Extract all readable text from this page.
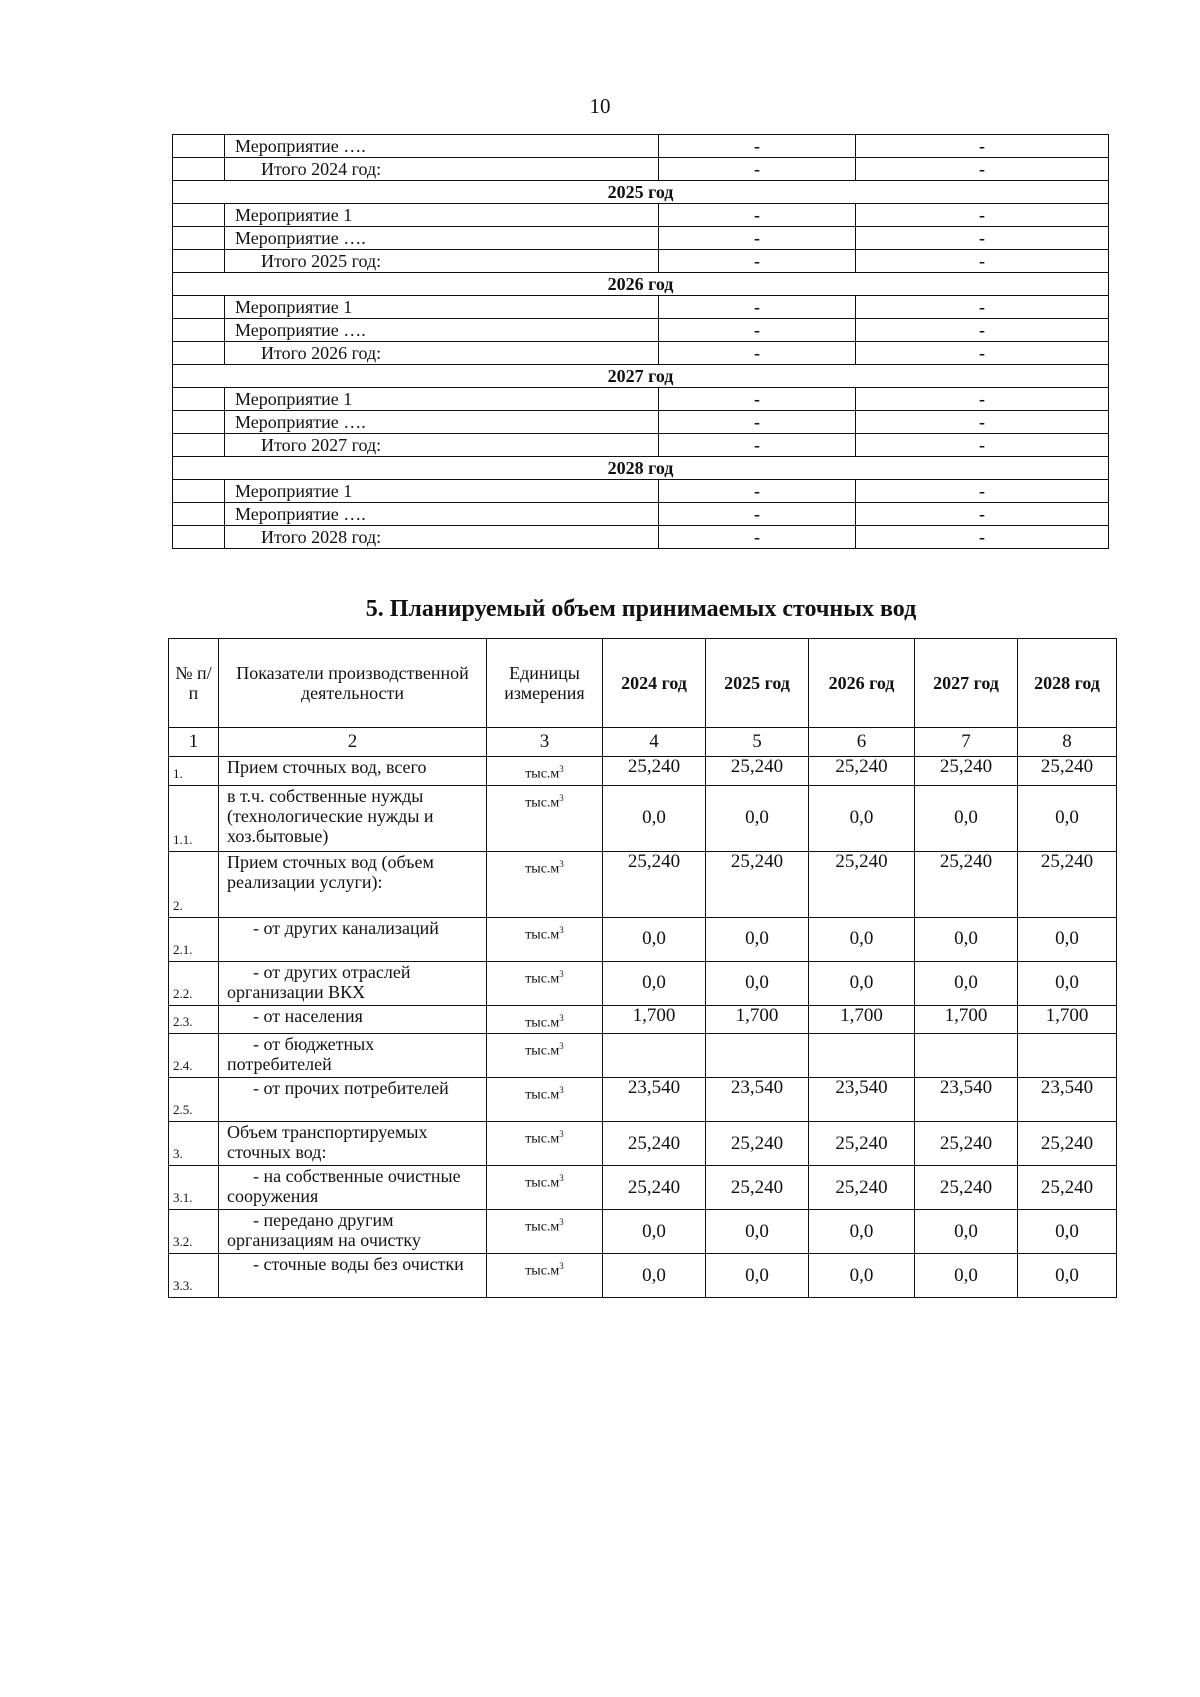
10
	Мероприятие ….	-	-
	Итого 2024 год:	-	-
2025 год			
	Мероприятие 1	-	-
	Мероприятие ….	-	-
	Итого 2025 год:	-	-
2026 год			
	Мероприятие 1	-	-
	Мероприятие ….	-	-
	Итого 2026 год:	-	-
2027 год			
	Мероприятие 1	-	-
	Мероприятие ….	-	-
	Итого 2027 год:	-	-
2028 год			
	Мероприятие 1	-	-
	Мероприятие ….	-	-
	Итого 2028 год:	-	-
5. Планируемый объем принимаемых сточных вод
№ п/п	Показатели производственной деятельности	Единицы измерения	2024 год	2025 год	2026 год	2027 год	2028 год
1	2	3	4	5	6	7	8
1.	Прием сточных вод, всего	$тыс.м^3$	25,240	25,240	25,240	25,240	25,240
1.1.	в т.ч. собственные нужды (технологические нужды и хоз.бытовые)	$тыс.м^3$	0,0	0,0	0,0	0,0	0,0
2.	Прием сточных вод (объем реализации услуги):	$тыс.м^3$	25,240	25,240	25,240	25,240	25,240
2.1.	- от других канализаций	$тыс.м^3$	0,0	0,0	0,0	0,0	0,0
2.2.	- от других отраслей организации ВКХ	$тыс.м^3$	0,0	0,0	0,0	0,0	0,0
2.3.	- от населения	$тыс.м^3$	1,700	1,700	1,700	1,700	1,700
2.4.	- от бюджетных потребителей	$тыс.м^3$					
2.5.	- от прочих потребителей	$тыс.м^3$	23,540	23,540	23,540	23,540	23,540
3.	Объем транспортируемых сточных вод:	$тыс.м^3$	25,240	25,240	25,240	25,240	25,240
3.1.	- на собственные очистные сооружения	$тыс.м^3$	25,240	25,240	25,240	25,240	25,240
3.2.	- передано другим организациям на очистку	$тыс.м^3$	0,0	0,0	0,0	0,0	0,0
3.3.	- сточные воды без очистки	$тыс.м^3$	0,0	0,0	0,0	0,0	0,0
